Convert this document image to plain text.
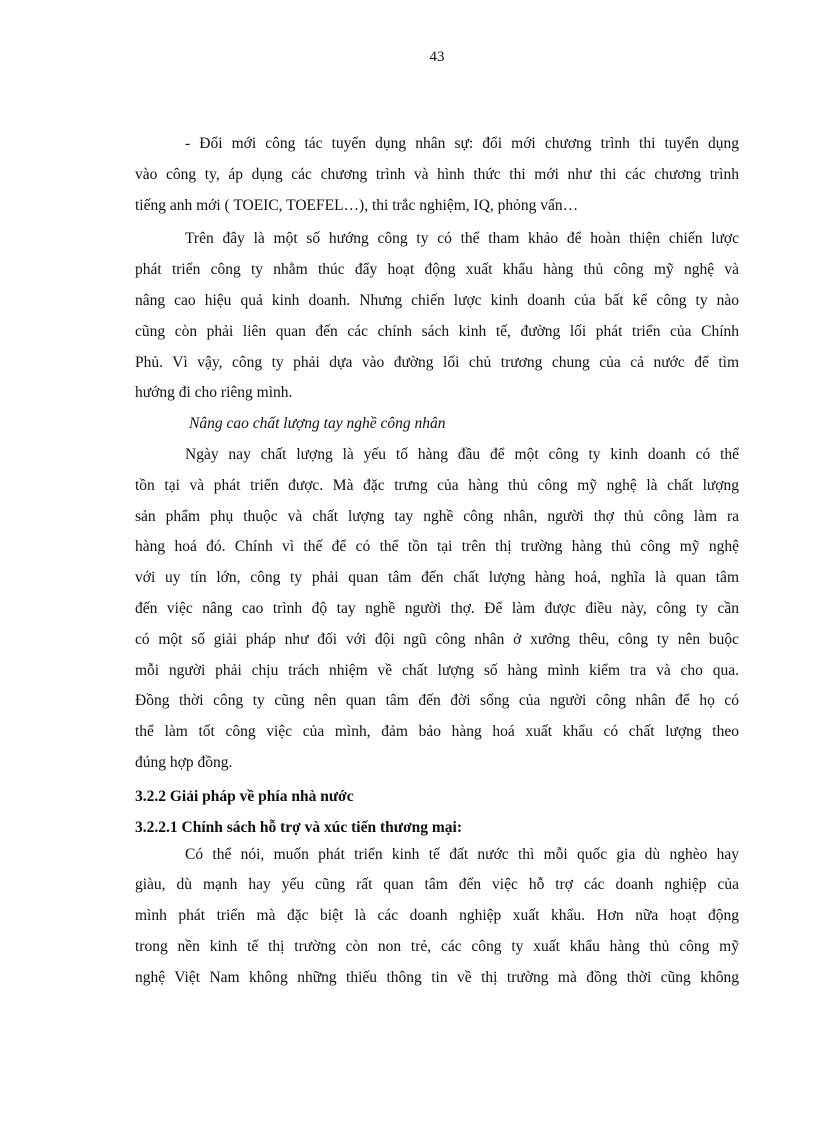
43
- Đổi mới công tác tuyển dụng nhân sự: đổi mới chương trình thi tuyển dụng
vào công ty, áp dụng các chương trình và hình thức thi mới như thi các chương trình
tiếng anh mới ( TOEIC, TOEFEL…), thi trắc nghiệm, IQ, phỏng vấn…
Trên đây là một số hướng công ty có thể tham khảo để hoàn thiện chiến lược
phát triển công ty nhằm thúc đẩy hoạt động xuất khẩu hàng thủ công mỹ nghệ và
nâng cao hiệu quả kinh doanh. Nhưng chiến lược kinh doanh của bất kể công ty nào
cũng còn phải liên quan đến các chính sách kinh tế, đường lối phát triển của Chính
Phủ. Vì vậy, công ty phải dựa vào đường lối chủ trương chung của cả nước để tìm
hướng đi cho riêng mình.
Nâng cao chất lượng tay nghề công nhân
Ngày nay chất lượng là yếu tố hàng đầu để một công ty kinh doanh có thể
tồn tại và phát triển được. Mà đặc trưng của hàng thủ công mỹ nghệ là chất lượng
sản phẩm phụ thuộc và chất lượng tay nghề công nhân, người thợ thủ công làm ra
hàng hoá đó. Chính vì thế để có thể tồn tại trên thị trường hàng thủ công mỹ nghệ
với uy tín lớn, công ty phải quan tâm đến chất lượng hàng hoá, nghĩa là quan tâm
đến việc nâng cao trình độ tay nghề người thợ. Để làm được điều này, công ty cần
có một số giải pháp như đối với đội ngũ công nhân ở xưởng thêu, công ty nên buộc
mỗi người phải chịu trách nhiệm về chất lượng số hàng mình kiểm tra và cho qua.
Đồng thời công ty cũng nên quan tâm đến đời sống của người công nhân để họ có
thể làm tốt công việc của mình, đảm bảo hàng hoá xuất khẩu có chất lượng theo
đúng hợp đồng.
3.2.2 Giải pháp về phía nhà nước
3.2.2.1 Chính sách hỗ trợ và xúc tiến thương mại:
Có thể nói, muốn phát triển kinh tế đất nước thì mỗi quốc gia dù nghèo hay
giàu, dù mạnh hay yếu cũng rất quan tâm đến việc hỗ trợ các doanh nghiệp của
mình phát triển mà đặc biệt là các doanh nghiệp xuất khẩu. Hơn nữa hoạt động
trong nền kinh tế thị trường còn non trẻ, các công ty xuất khẩu hàng thủ công mỹ
nghệ Việt Nam không những thiếu thông tin về thị trường mà đồng thời cũng không
